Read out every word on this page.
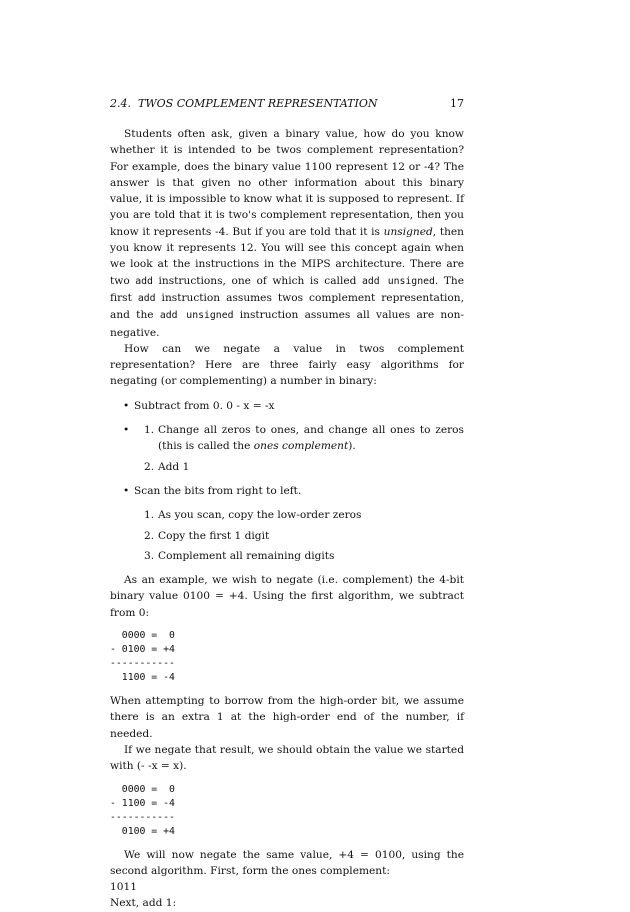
2.4. TWOS COMPLEMENT REPRESENTATION	17

Students often ask, given a binary value, how do you know whether it is intended to be twos complement representation? For example, does the binary value 1100 represent 12 or -4? The answer is that given no other information about this binary value, it is impossible to know what it is supposed to represent. If you are told that it is two's complement representation, then you know it represents -4. But if you are told that it is unsigned, then you know it represents 12. You will see this concept again when we look at the instructions in the MIPS architecture. There are two add instructions, one of which is called add unsigned. The first add instruction assumes twos complement representation, and the add unsigned instruction assumes all values are non-negative.

How can we negate a value in twos complement representation? Here are three fairly easy algorithms for negating (or complementing) a number in binary:

• Subtract from 0. 0 - x = -x
• 1. Change all zeros to ones, and change all ones to zeros (this is called the ones complement).
2. Add 1
• Scan the bits from right to left.
1. As you scan, copy the low-order zeros
2. Copy the first 1 digit
3. Complement all remaining digits

As an example, we wish to negate (i.e. complement) the 4-bit binary value 0100 = +4. Using the first algorithm, we subtract from 0:

0000 =  0
- 0100 = +4
-----------
1100 = -4

When attempting to borrow from the high-order bit, we assume there is an extra 1 at the high-order end of the number, if needed.

If we negate that result, we should obtain the value we started with (- -x = x).

0000 =  0
- 1100 = -4
-----------
0100 = +4

We will now negate the same value, +4 = 0100, using the second algorithm. First, form the ones complement:

1011

Next, add 1:
